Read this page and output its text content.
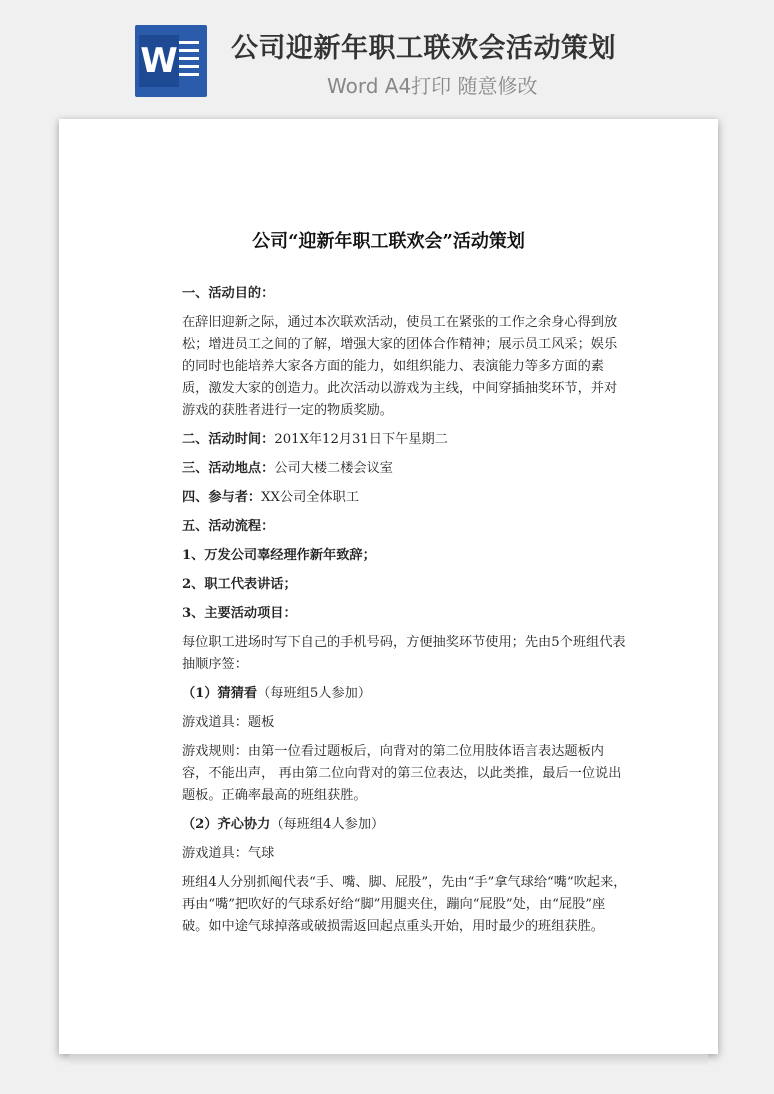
W 公司迎新年职工联欢会活动策划
Word A4打印 随意修改
公司“迎新年职工联欢会”活动策划

一、活动目的：

在辞旧迎新之际，通过本次联欢活动，使员工在紧张的工作之余身心得到放松；增进员工之间的了解，增强大家的团体合作精神；展示员工风采；娱乐的同时也能培养大家各方面的能力，如组织能力、表演能力等多方面的素质，激发大家的创造力。此次活动以游戏为主线，中间穿插抽奖环节，并对游戏的获胜者进行一定的物质奖励。

二、活动时间：201X年12月31日下午星期二

三、活动地点：公司大楼二楼会议室

四、参与者：XX公司全体职工

五、活动流程：

1、万发公司辜经理作新年致辞；

2、职工代表讲话；

3、主要活动项目：

每位职工进场时写下自己的手机号码，方便抽奖环节使用；先由5个班组代表抽顺序签：

（1）猜猜看（每班组5人参加）

游戏道具：题板

游戏规则：由第一位看过题板后，向背对的第二位用肢体语言表达题板内容，不能出声， 再由第二位向背对的第三位表达，以此类推，最后一位说出题板。正确率最高的班组获胜。

（2）齐心协力（每班组4人参加）

游戏道具：气球

班组4人分别抓阄代表“手、嘴、脚、屁股”，先由“手”拿气球给“嘴”吹起来，再由“嘴”把吹好的气球系好给“脚”用腿夹住，蹦向“屁股”处，由“屁股”座破。如中途气球掉落或破损需返回起点重头开始，用时最少的班组获胜。
